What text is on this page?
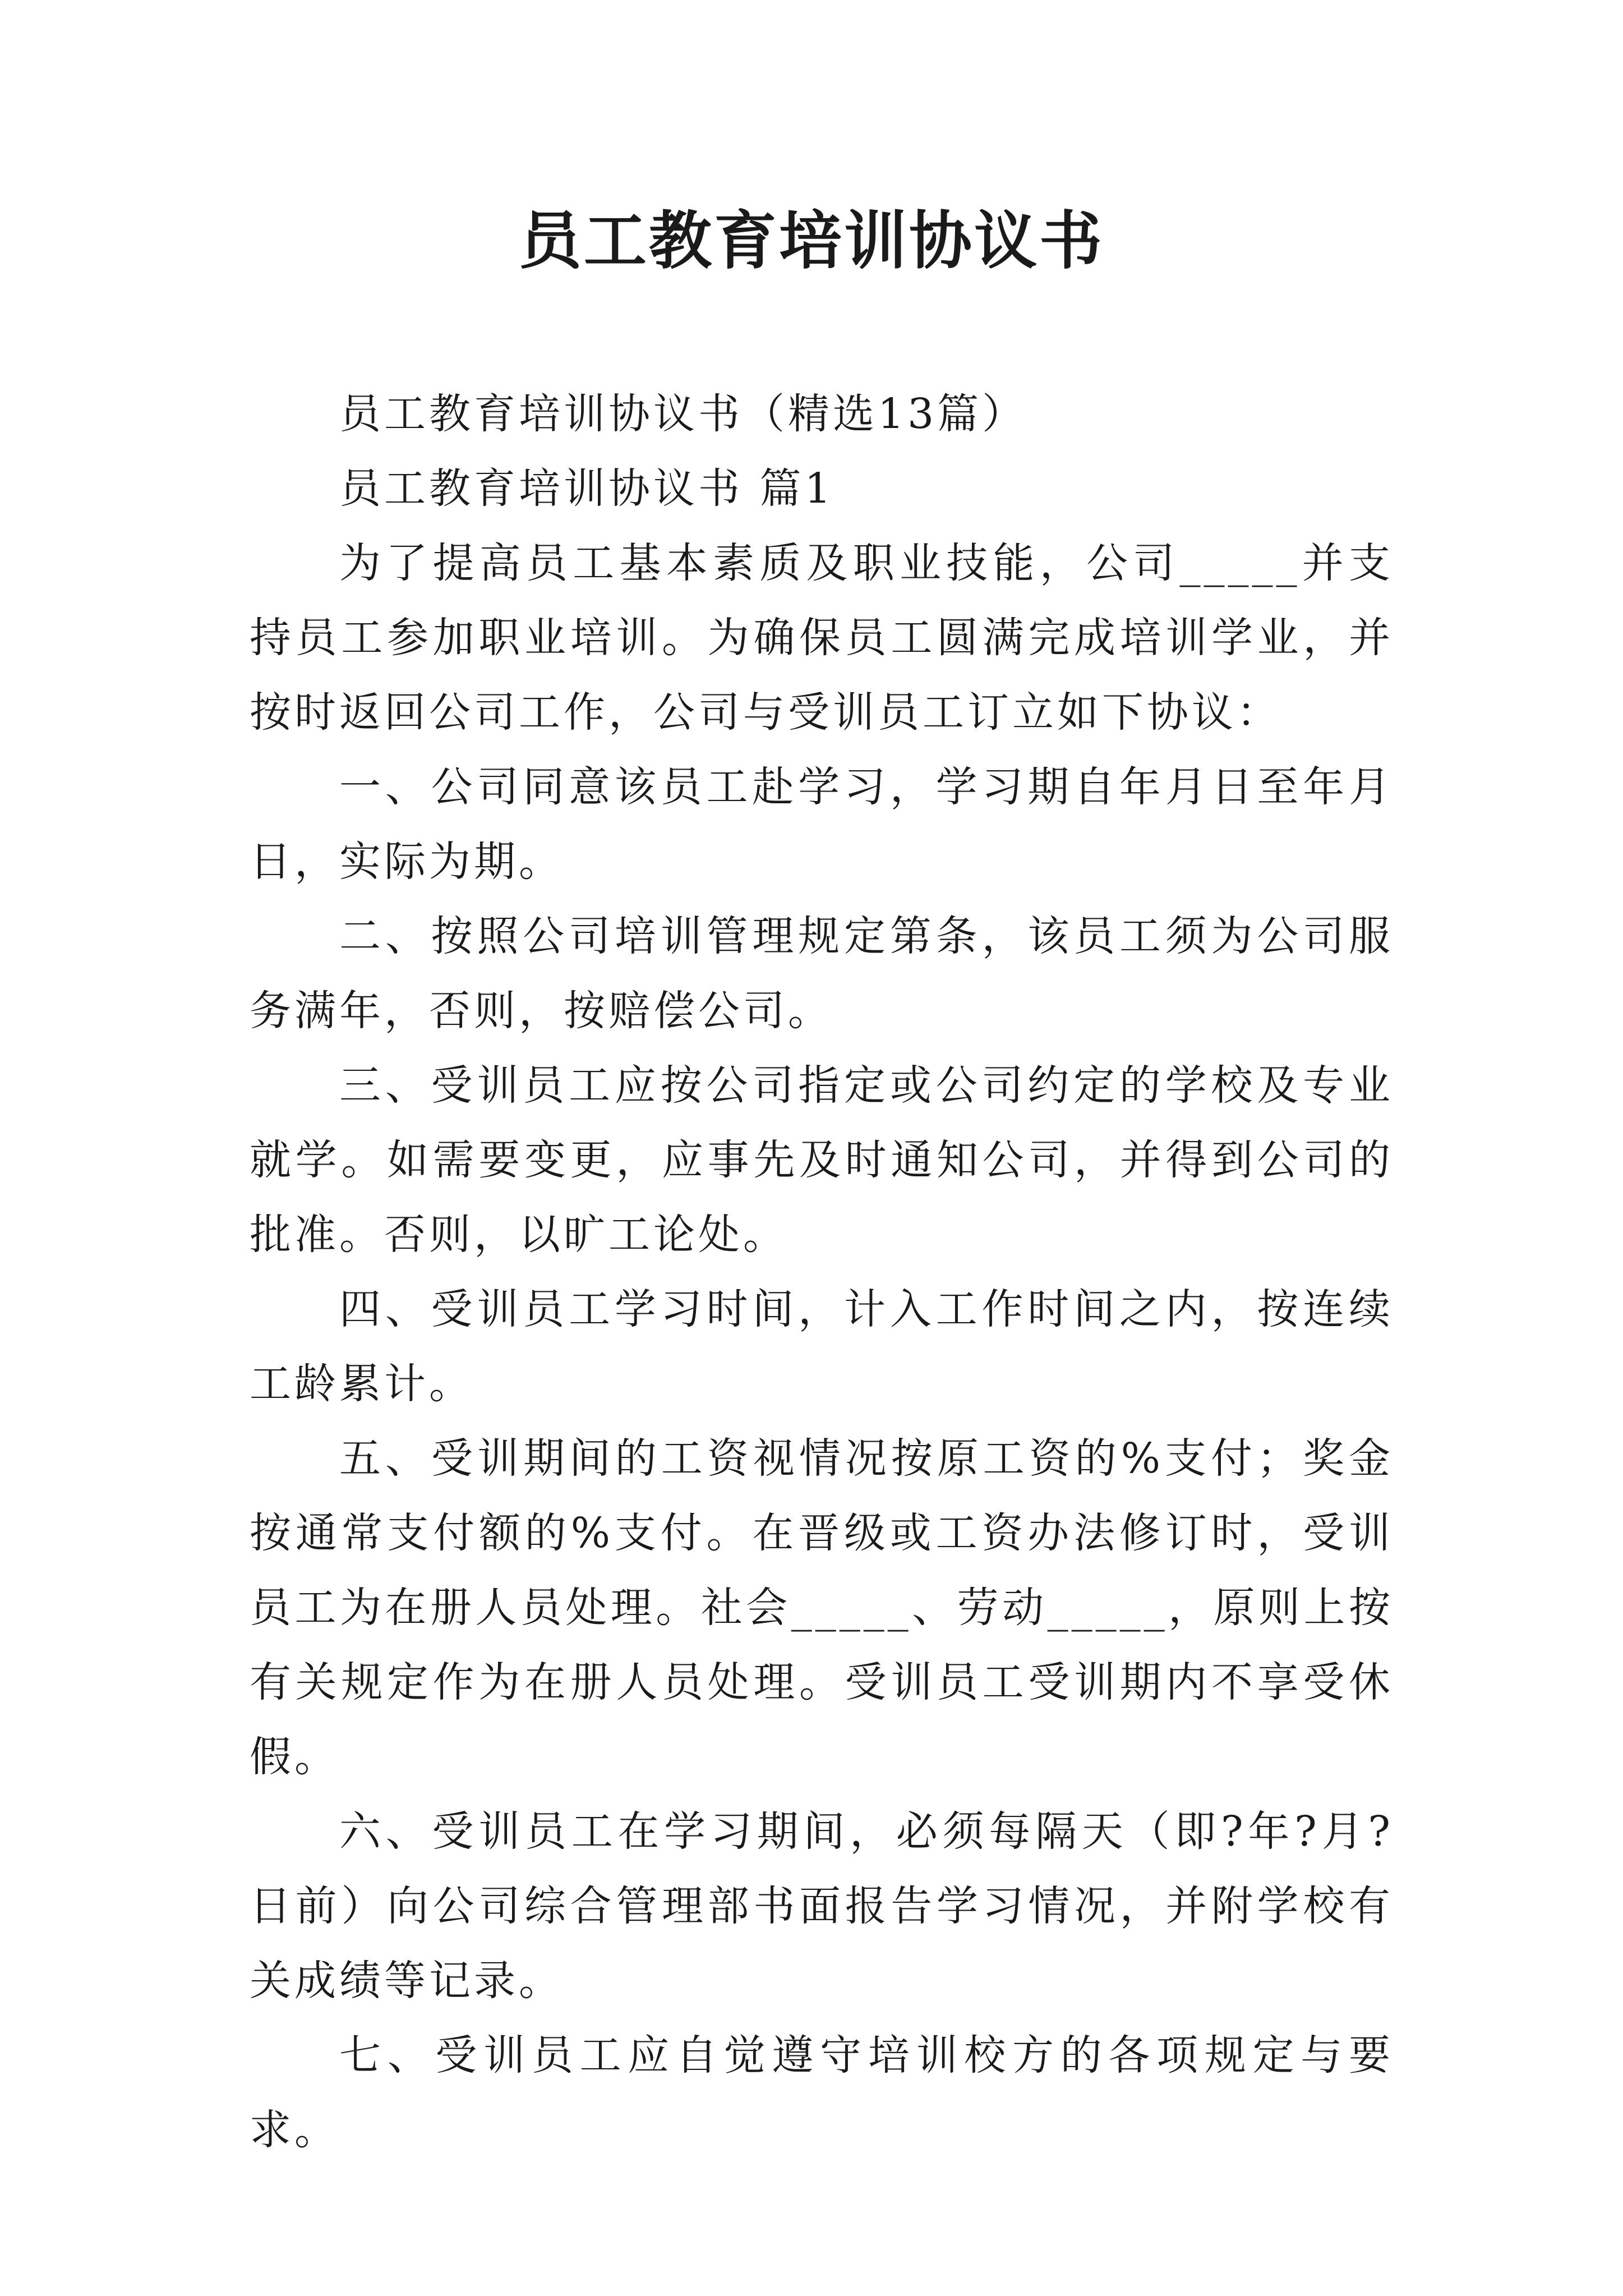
员工教育培训协议书

员工教育培训协议书（精选13篇）

员工教育培训协议书 篇1

为了提高员工基本素质及职业技能，公司_____并支持员工参加职业培训。为确保员工圆满完成培训学业，并按时返回公司工作，公司与受训员工订立如下协议：

一、公司同意该员工赴学习，学习期自年月日至年月日，实际为期。

二、按照公司培训管理规定第条，该员工须为公司服务满年，否则，按赔偿公司。

三、受训员工应按公司指定或公司约定的学校及专业就学。如需要变更，应事先及时通知公司，并得到公司的批准。否则，以旷工论处。

四、受训员工学习时间，计入工作时间之内，按连续工龄累计。

五、受训期间的工资视情况按原工资的%支付；奖金按通常支付额的%支付。在晋级或工资办法修订时，受训员工为在册人员处理。社会_____、劳动_____，原则上按有关规定作为在册人员处理。受训员工受训期内不享受休假。

六、受训员工在学习期间，必须每隔天（即?年?月?日前）向公司综合管理部书面报告学习情况，并附学校有关成绩等记录。

七、受训员工应自觉遵守培训校方的各项规定与要求。
